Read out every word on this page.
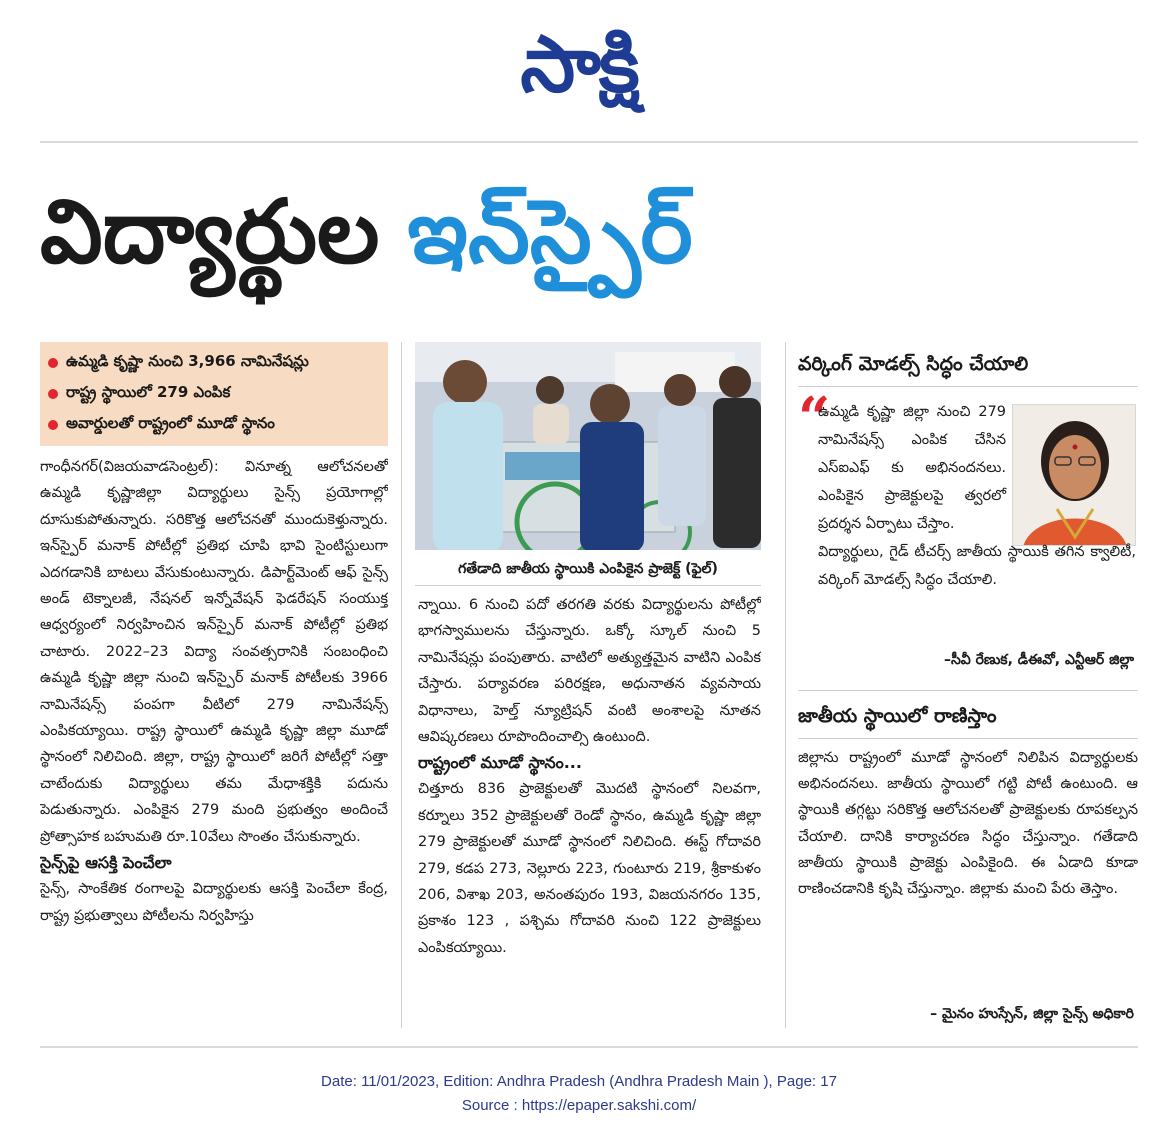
సాక్షి
విద్యార్థుల ఇన్‌స్పైర్
ఉమ్మడి కృష్ణా నుంచి 3,966 నామినేషన్లు
రాష్ట్ర స్థాయిలో 279 ఎంపిక
అవార్డులతో రాష్ట్రంలో మూడో స్థానం

గాంధీనగర్‌(విజయవాడసెంట్రల్‌): వినూత్న ఆలోచనలతో ఉమ్మడి కృష్ణాజిల్లా విద్యార్థులు సైన్స్‌ ప్రయోగాల్లో దూసుకుపోతున్నారు. సరికొత్త ఆలోచనతో ముందుకెళ్తున్నారు. ఇన్‌స్పైర్‌ మనాక్‌ పోటీల్లో ప్రతిభ చూపి భావి సైంటిస్టులుగా ఎదగడానికి బాటలు వేసుకుంటున్నారు. డిపార్ట్‌మెంట్‌ ఆఫ్‌ సైన్స్‌ అండ్‌ టెక్నాలజీ, నేషనల్‌ ఇన్నోవేషన్‌ ఫెడరేషన్‌ సంయుక్త ఆధ్వర్యంలో నిర్వహించిన ఇన్‌స్పైర్‌ మనాక్‌ పోటీల్లో ప్రతిభ చాటారు. 2022–23 విద్యా సంవత్సరానికి సంబంధించి ఉమ్మడి కృష్ణా జిల్లా నుంచి ఇన్‌స్పైర్‌ మనాక్‌ పోటీలకు 3966 నామినేషన్స్‌ పంపగా వీటిలో 279 నామినేషన్స్‌ ఎంపికయ్యాయి. రాష్ట్ర స్థాయిలో ఉమ్మడి కృష్ణా జిల్లా మూడో స్థానంలో నిలిచింది. జిల్లా, రాష్ట్ర స్థాయిలో జరిగే పోటీల్లో సత్తా చాటేందుకు విద్యార్థులు తమ మేధాశక్తికి పదును పెడుతున్నారు. ఎంపికైన 279 మంది ప్రభుత్వం అందించే ప్రోత్సాహక బహుమతి రూ.10వేలు సొంతం చేసుకున్నారు.

సైన్స్‌పై ఆసక్తి పెంచేలా

సైన్స్‌, సాంకేతిక రంగాలపై విద్యార్థులకు ఆసక్తి పెంచేలా కేంద్ర, రాష్ట్ర ప్రభుత్వాలు పోటీలను నిర్వహిస్తు

గతేడాది జాతీయ స్థాయికి ఎంపికైన ప్రాజెక్ట్‌ (ఫైల్‌)

న్నాయి. 6 నుంచి పదో తరగతి వరకు విద్యార్థులను పోటీల్లో భాగస్వాములను చేస్తున్నారు. ఒక్కో స్కూల్‌ నుంచి 5 నామినేషన్లు పంపుతారు. వాటిలో అత్యుత్తమైన వాటిని ఎంపిక చేస్తారు. పర్యావరణ పరిరక్షణ, అధునాతన వ్యవసాయ విధానాలు, హెల్త్‌ న్యూట్రిషన్‌ వంటి అంశాలపై నూతన ఆవిష్కరణలు రూపొందించాల్సి ఉంటుంది.

రాష్ట్రంలో మూడో స్థానం...

చిత్తూరు 836 ప్రాజెక్టులతో మొదటి స్థానంలో నిలవగా, కర్నూలు 352 ప్రాజెక్టులతో రెండో స్థానం, ఉమ్మడి కృష్ణా జిల్లా 279 ప్రాజెక్టులతో మూడో స్థానంలో నిలిచింది. ఈస్ట్‌ గోదావరి 279, కడప 273, నెల్లూరు 223, గుంటూరు 219, శ్రీకాకుళం 206, విశాఖ 203, అనంతపురం 193, విజయనగరం 135, ప్రకాశం 123 , పశ్చిమ గోదావరి నుంచి 122 ప్రాజెక్టులు ఎంపికయ్యాయి.

వర్కింగ్‌ మోడల్స్‌ సిద్ధం చేయాలి
“
ఉమ్మడి కృష్ణా జిల్లా నుంచి 279 నామినేషన్స్‌ ఎంపిక చేసిన ఎస్‌ఐఎఫ్‌ కు అభినందనలు. ఎంపికైన ప్రాజెక్టులపై త్వరలో ప్రదర్శన ఏర్పాటు చేస్తాం.
విద్యార్థులు, గైడ్‌ టీచర్స్‌ జాతీయ స్థాయికి తగిన క్వాలిటీ, వర్కింగ్‌ మోడల్స్‌ సిద్ధం చేయాలి.
–సీవీ రేణుక, డీఈవో, ఎన్టీఆర్‌ జిల్లా
జాతీయ స్థాయిలో రాణిస్తాం

జిల్లాను రాష్ట్రంలో మూడో స్థానంలో నిలిపిన విద్యార్థులకు అభినందనలు. జాతీయ స్థాయిలో గట్టి పోటీ ఉంటుంది. ఆ స్థాయికి తగ్గట్టు సరికొత్త ఆలోచనలతో ప్రాజెక్టులకు రూపకల్పన చేయాలి. దానికి కార్యాచరణ సిద్ధం చేస్తున్నాం. గతేడాది జాతీయ స్థాయికి ప్రాజెక్టు ఎంపికైంది. ఈ ఏడాది కూడా రాణించడానికి కృషి చేస్తున్నాం. జిల్లాకు మంచి పేరు తెస్తాం.

– మైనం హుస్సేన్‌, జిల్లా సైన్స్‌ అధికారి
Date: 11/01/2023, Edition: Andhra Pradesh (Andhra Pradesh Main ), Page: 17
Source : https://epaper.sakshi.com/
